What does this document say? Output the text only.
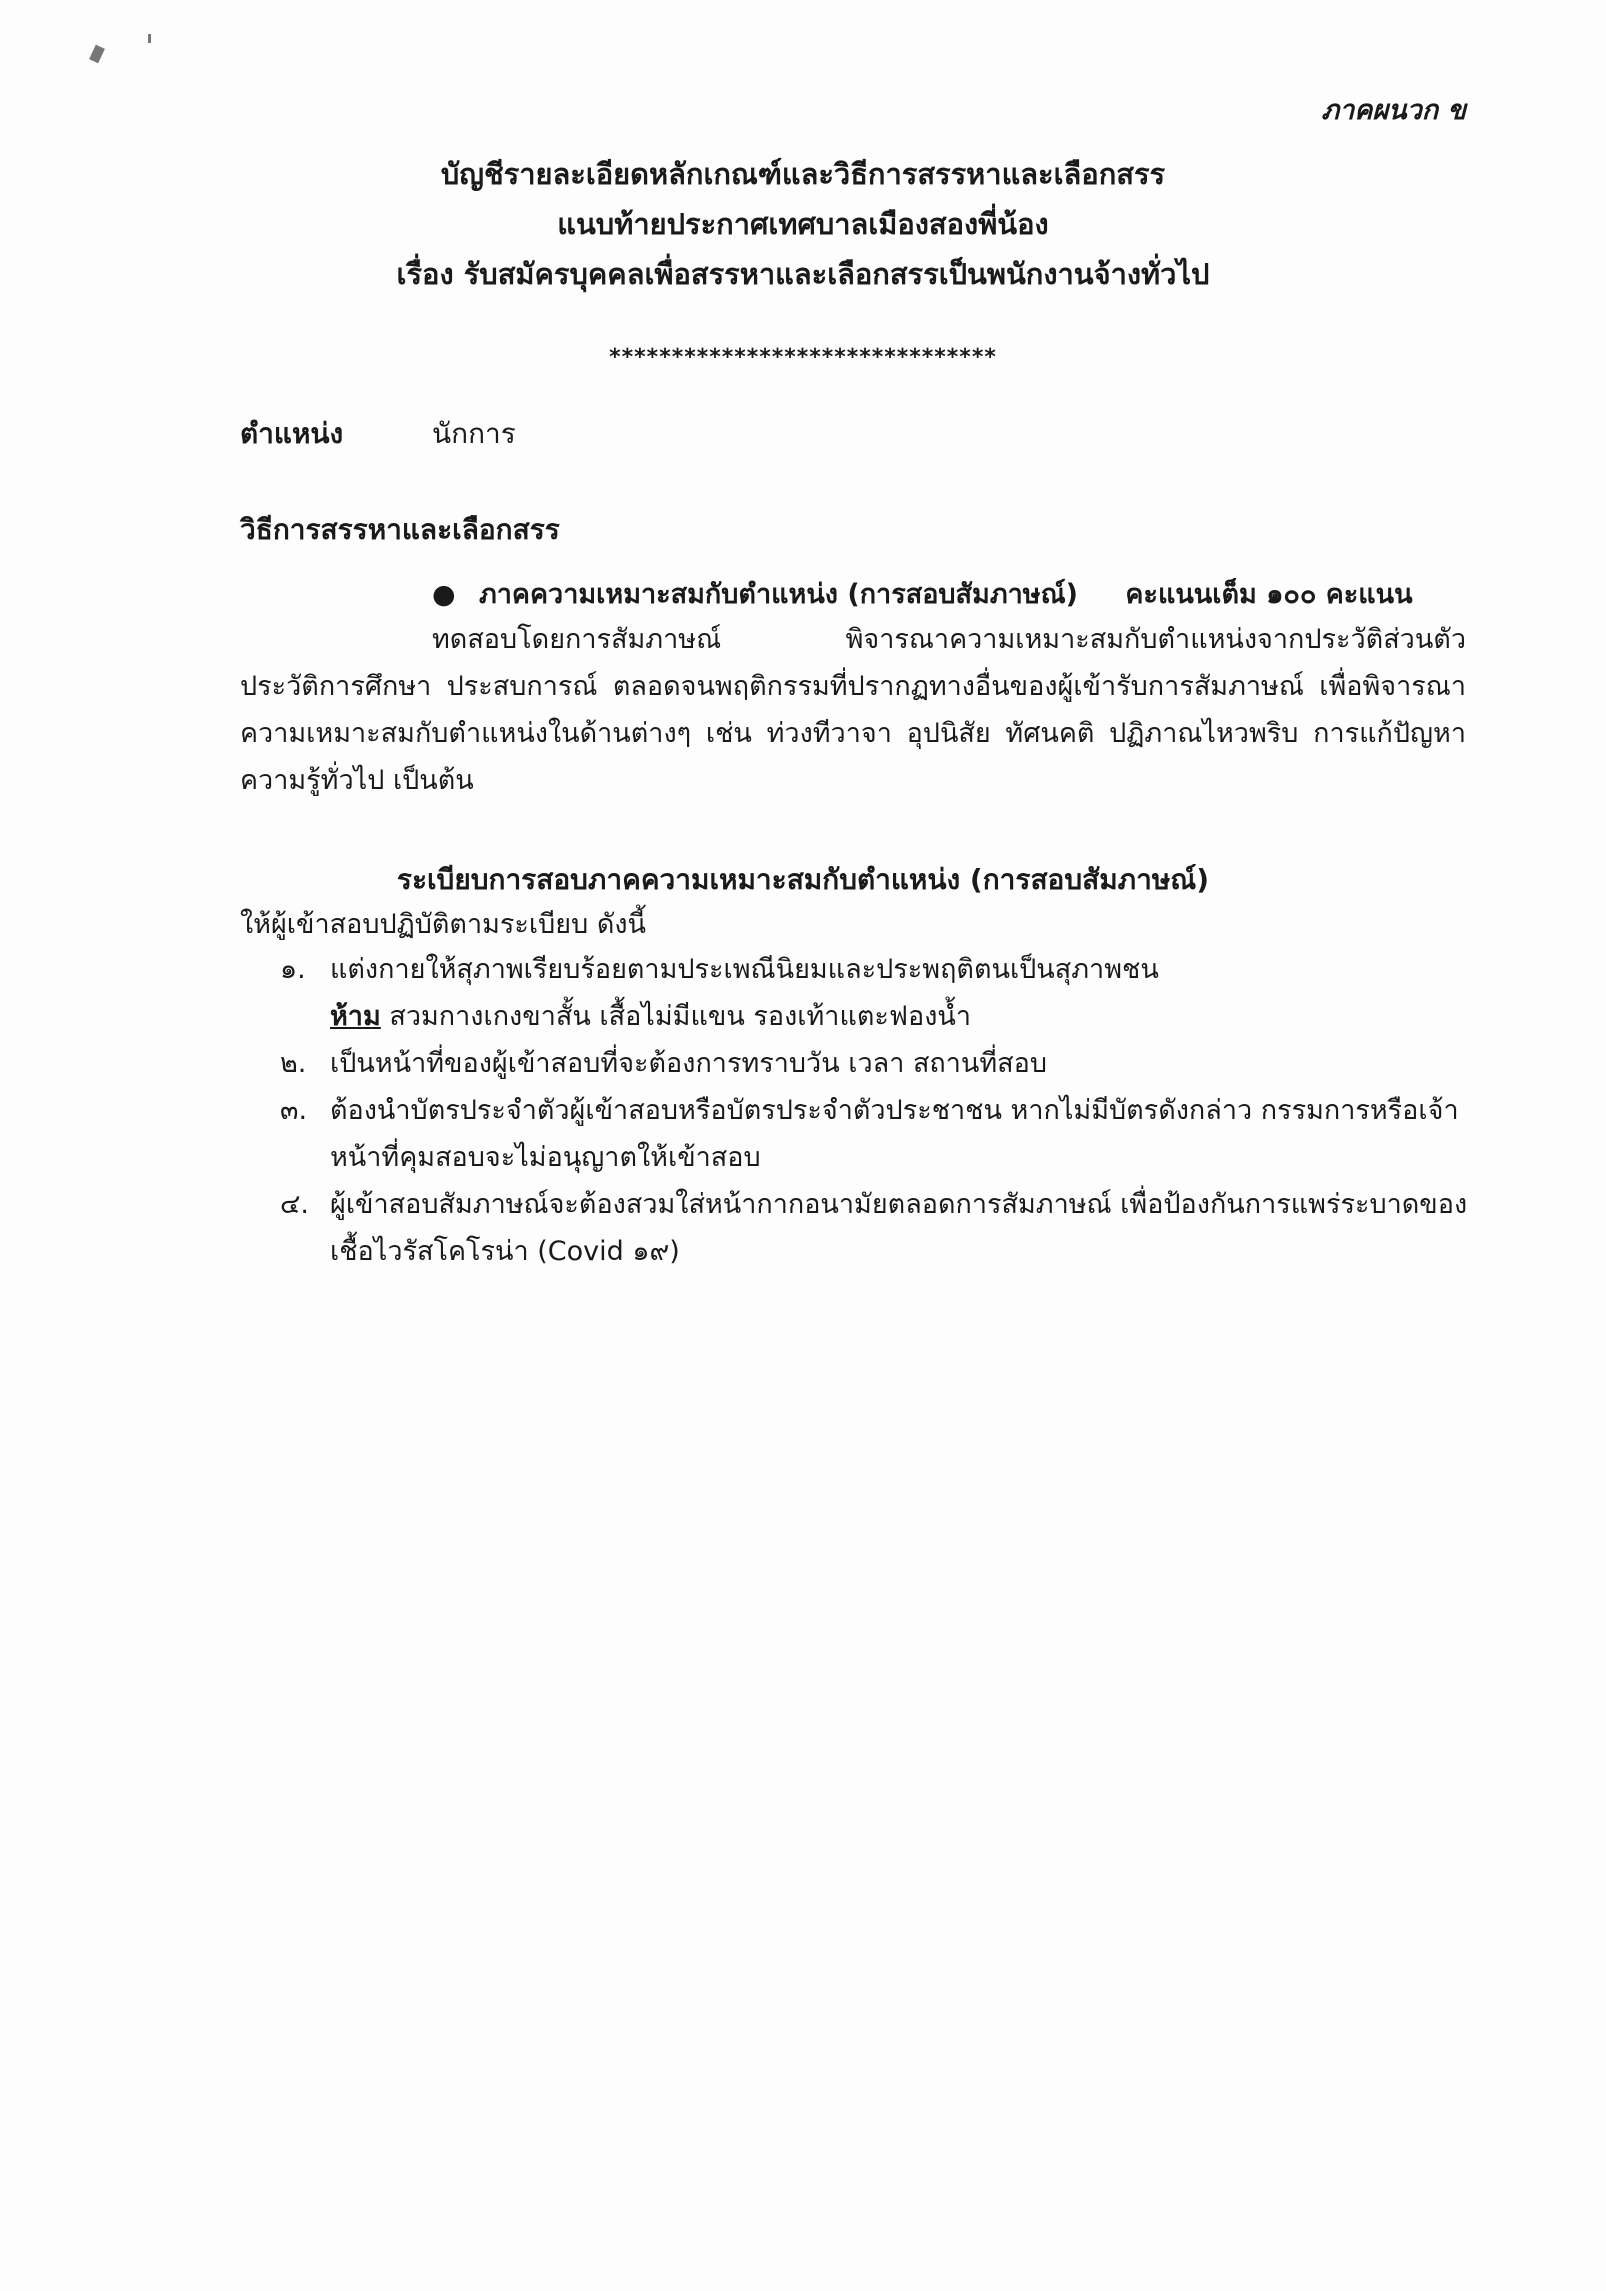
ภาคผนวก ข
บัญชีรายละเอียดหลักเกณฑ์และวิธีการสรรหาและเลือกสรร
แนบท้ายประกาศเทศบาลเมืองสองพี่น้อง
เรื่อง รับสมัครบุคคลเพื่อสรรหาและเลือกสรรเป็นพนักงานจ้างทั่วไป
*******************************
ตำแหน่ง	นักการ
วิธีการสรรหาและเลือกสรร
● ภาคความเหมาะสมกับตำแหน่ง (การสอบสัมภาษณ์) คะแนนเต็ม ๑๐๐ คะแนน
ทดสอบโดยการสัมภาษณ์ พิจารณาความเหมาะสมกับตำแหน่งจากประวัติส่วนตัว ประวัติการศึกษา ประสบการณ์ ตลอดจนพฤติกรรมที่ปรากฏทางอื่นของผู้เข้ารับการสัมภาษณ์ เพื่อพิจารณาความเหมาะสมกับตำแหน่งในด้านต่างๆ เช่น ท่วงทีวาจา อุปนิสัย ทัศนคติ ปฏิภาณไหวพริบ การแก้ปัญหา ความรู้ทั่วไป เป็นต้น
ระเบียบการสอบภาคความเหมาะสมกับตำแหน่ง (การสอบสัมภาษณ์)
ให้ผู้เข้าสอบปฏิบัติตามระเบียบ ดังนี้
๑. แต่งกายให้สุภาพเรียบร้อยตามประเพณีนิยมและประพฤติตนเป็นสุภาพชน
ห้าม สวมกางเกงขาสั้น เสื้อไม่มีแขน รองเท้าแตะฟองน้ำ
๒. เป็นหน้าที่ของผู้เข้าสอบที่จะต้องการทราบวัน เวลา สถานที่สอบ
๓. ต้องนำบัตรประจำตัวผู้เข้าสอบหรือบัตรประจำตัวประชาชน หากไม่มีบัตรดังกล่าว กรรมการหรือเจ้าหน้าที่คุมสอบจะไม่อนุญาตให้เข้าสอบ
๔. ผู้เข้าสอบสัมภาษณ์จะต้องสวมใส่หน้ากากอนามัยตลอดการสัมภาษณ์ เพื่อป้องกันการแพร่ระบาดของเชื้อไวรัสโคโรน่า (Covid ๑๙)
